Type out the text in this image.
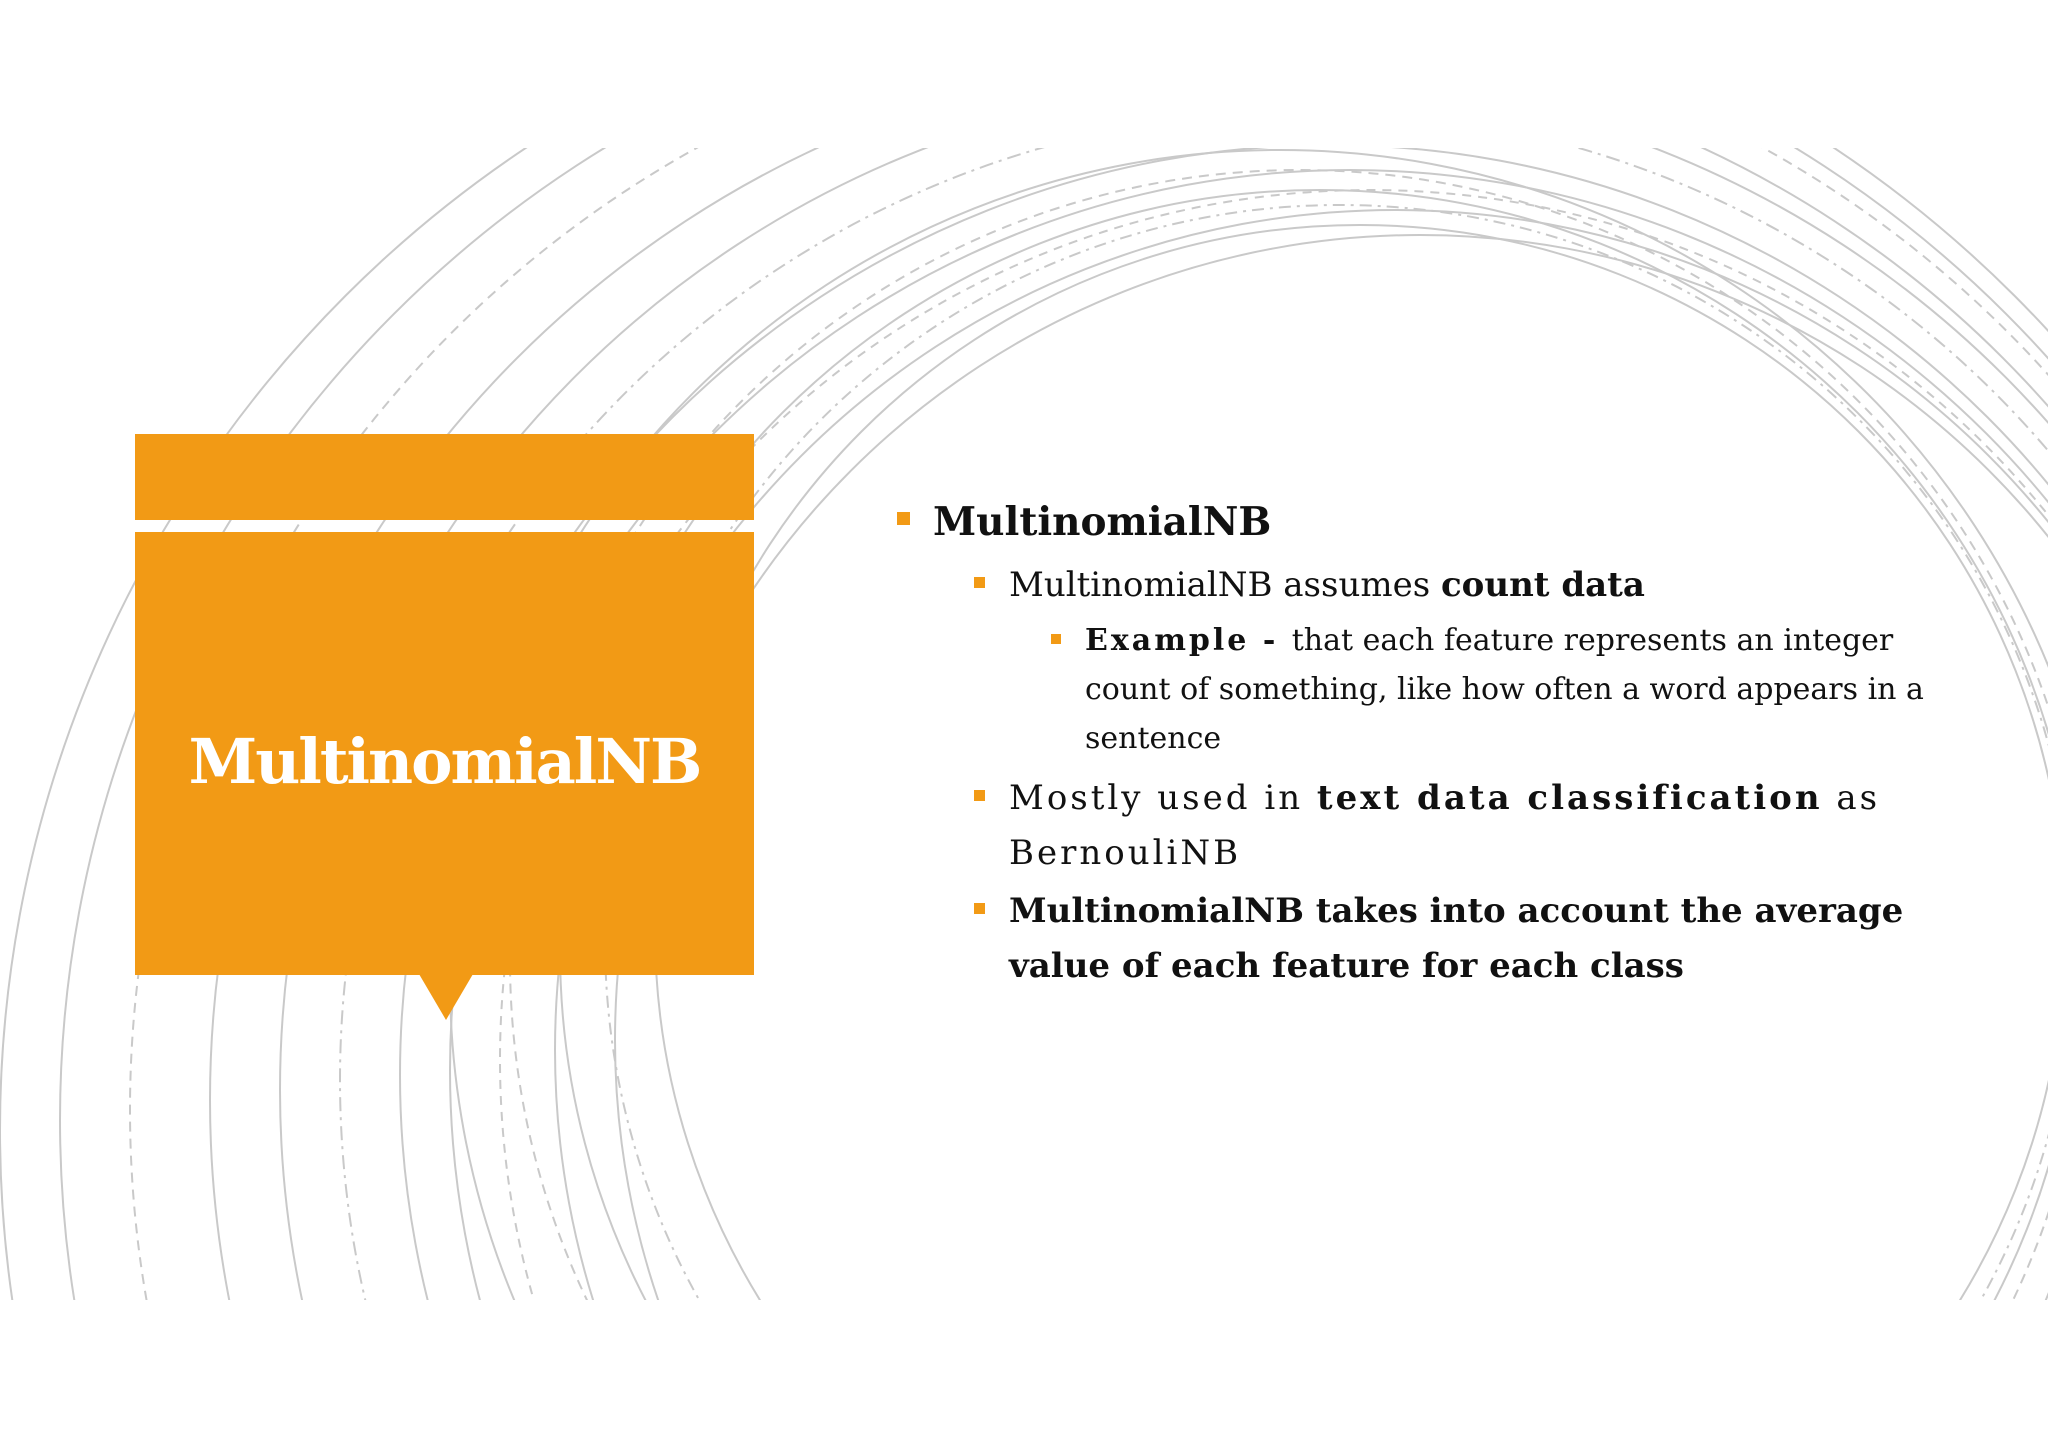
MultinomialNB
MultinomialNB
MultinomialNB assumes count data
Example - that each feature represents an integer count of something, like how often a word appears in a sentence
Mostly used in text data classification as BernouliNB
MultinomialNB takes into account the average value of each feature for each class
